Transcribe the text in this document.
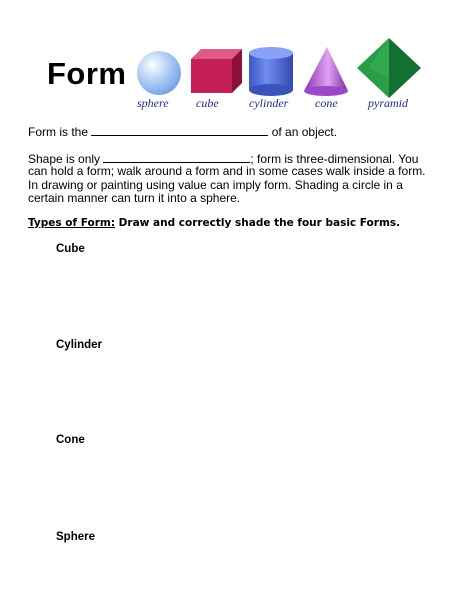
Form
sphere cube	cylinder cone	pyramid
Form is the	of an object.
Shape is only	; form is three-dimensional. You
can hold a form; walk around a form and in some cases walk inside a form.
In drawing or painting using value can imply form. Shading a circle in a
certain manner can turn it into a sphere.
Types of Form: Draw and correctly shade the four basic Forms.
Cube
Cylinder
Cone
Sphere
